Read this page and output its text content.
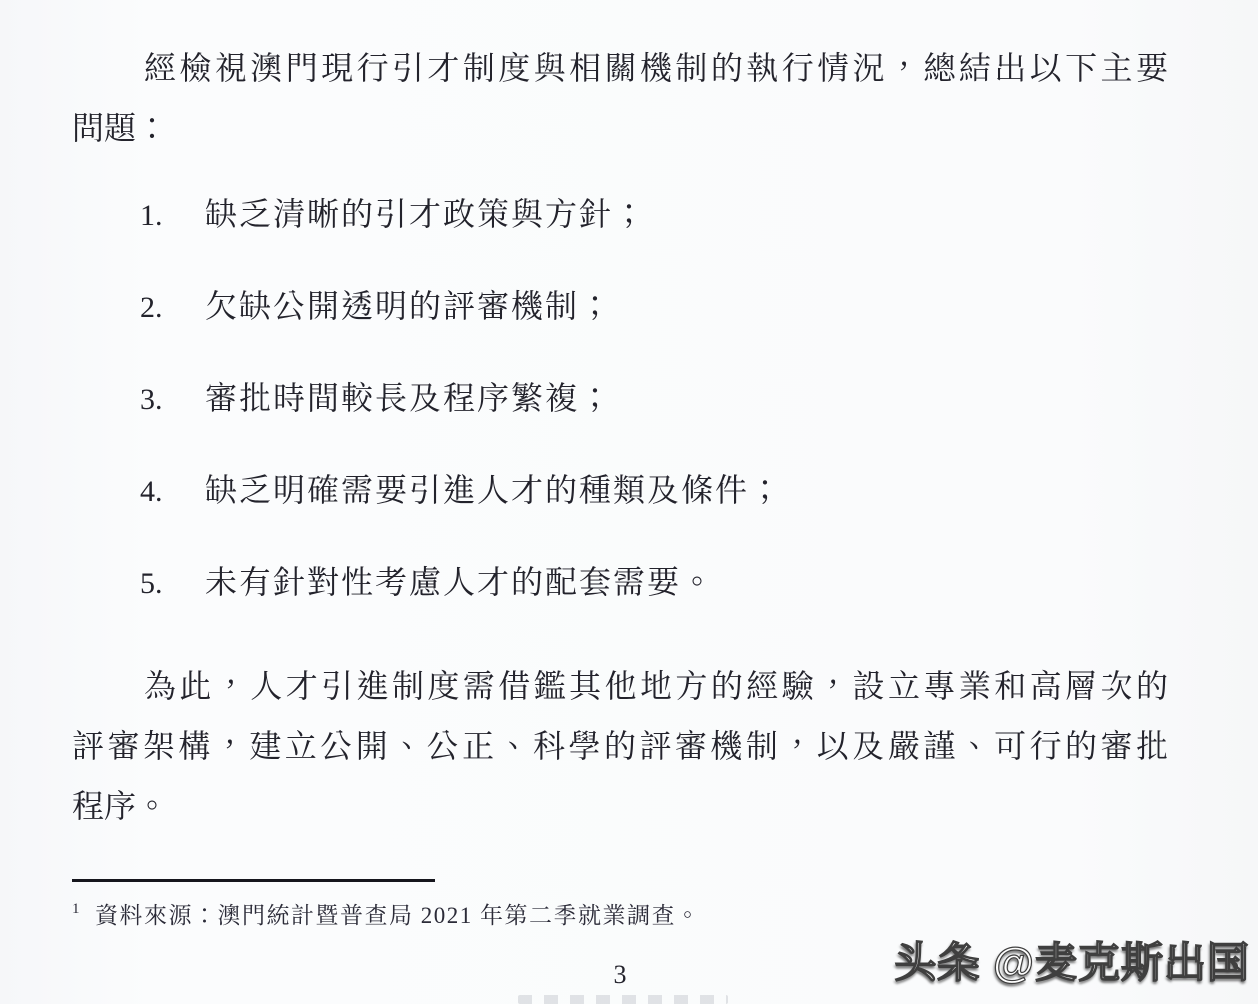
經檢視澳門現行引才制度與相關機制的執行情況，總結出以下主要
問題：
1. 缺乏清晰的引才政策與方針；
2. 欠缺公開透明的評審機制；
3. 審批時間較長及程序繁複；
4. 缺乏明確需要引進人才的種類及條件；
5. 未有針對性考慮人才的配套需要。
為此，人才引進制度需借鑑其他地方的經驗，設立專業和高層次的
評審架構，建立公開、公正、科學的評審機制，以及嚴謹、可行的審批
程序。
1 資料來源：澳門統計暨普查局 2021 年第二季就業調查。
3	头条 @麦克斯出国
